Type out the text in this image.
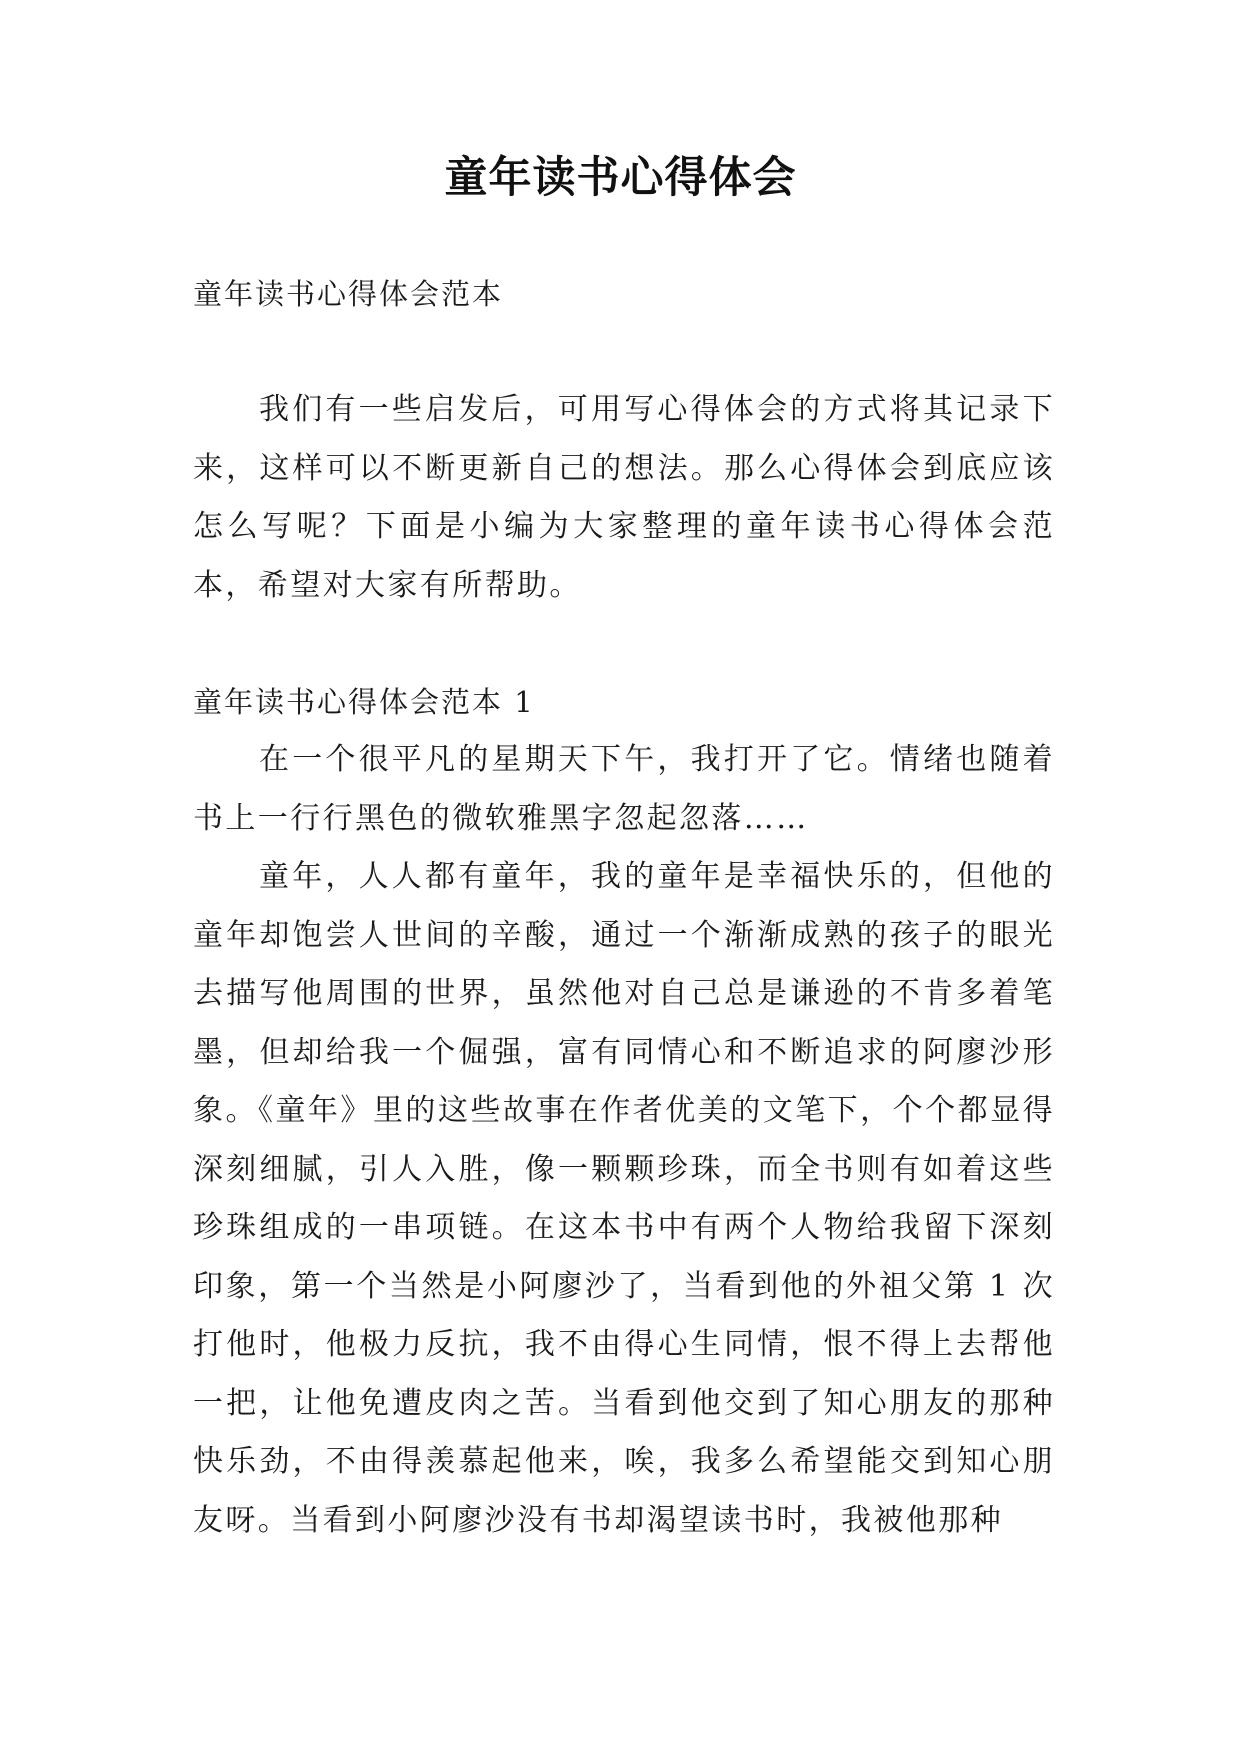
童年读书心得体会

童年读书心得体会范本

我们有一些启发后，可用写心得体会的方式将其记录下来，这样可以不断更新自己的想法。那么心得体会到底应该怎么写呢？下面是小编为大家整理的童年读书心得体会范本，希望对大家有所帮助。

童年读书心得体会范本 1

在一个很平凡的星期天下午，我打开了它。情绪也随着书上一行行黑色的微软雅黑字忽起忽落……

童年，人人都有童年，我的童年是幸福快乐的，但他的童年却饱尝人世间的辛酸，通过一个渐渐成熟的孩子的眼光去描写他周围的世界，虽然他对自己总是谦逊的不肯多着笔墨，但却给我一个倔强，富有同情心和不断追求的阿廖沙形象。《童年》里的这些故事在作者优美的文笔下，个个都显得深刻细腻，引人入胜，像一颗颗珍珠，而全书则有如着这些珍珠组成的一串项链。在这本书中有两个人物给我留下深刻印象，第一个当然是小阿廖沙了，当看到他的外祖父第 1 次打他时，他极力反抗，我不由得心生同情，恨不得上去帮他一把，让他免遭皮肉之苦。当看到他交到了知心朋友的那种快乐劲，不由得羡慕起他来，唉，我多么希望能交到知心朋友呀。当看到小阿廖沙没有书却渴望读书时，我被他那种
